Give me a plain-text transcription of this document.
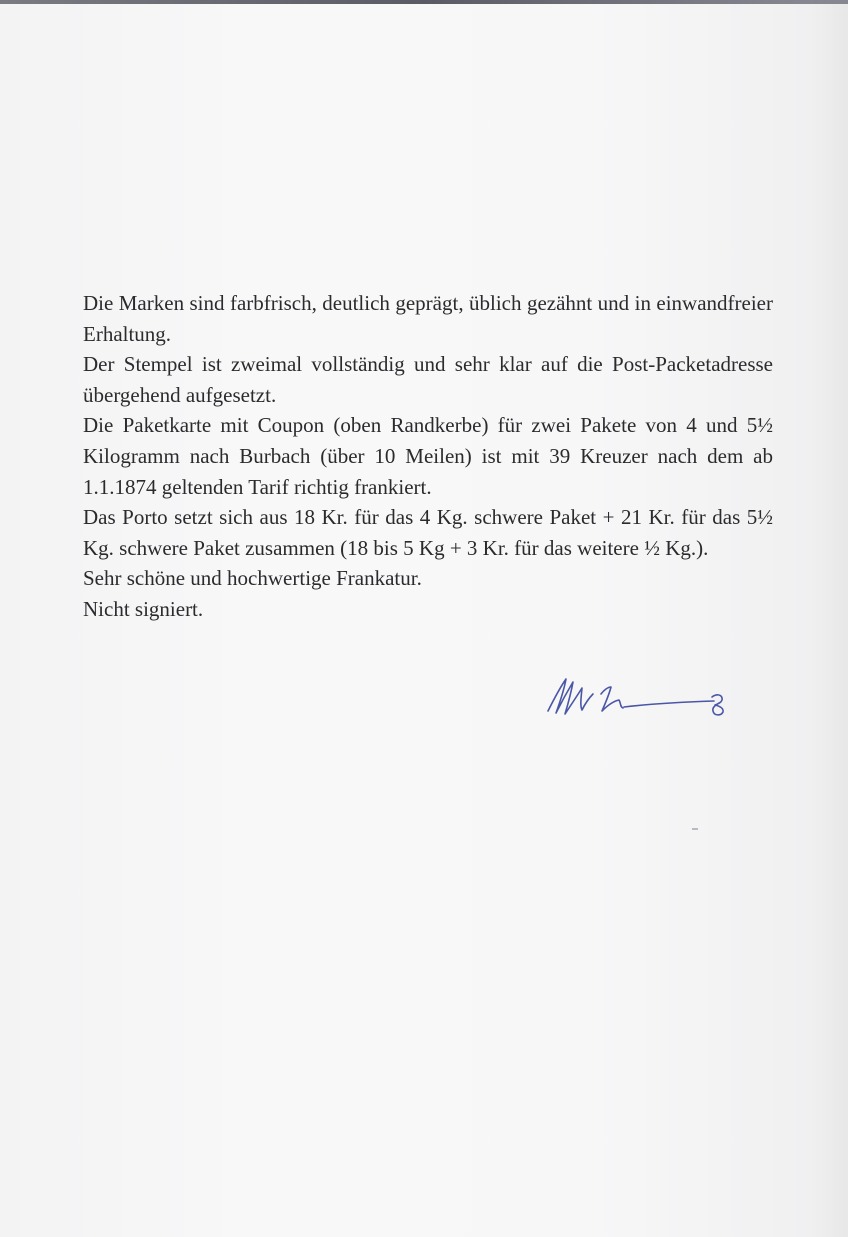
Die Marken sind farbfrisch, deutlich geprägt, üblich gezähnt und in einwandfreier Erhaltung.

Der Stempel ist zweimal vollständig und sehr klar auf die Post-Packetadresse übergehend aufgesetzt.

Die Paketkarte mit Coupon (oben Randkerbe) für zwei Pakete von 4 und 5½ Kilogramm nach Burbach (über 10 Meilen) ist mit 39 Kreuzer nach dem ab 1.1.1874 geltenden Tarif richtig frankiert.

Das Porto setzt sich aus 18 Kr. für das 4 Kg. schwere Paket + 21 Kr. für das 5½ Kg. schwere Paket zusammen (18 bis 5 Kg + 3 Kr. für das weitere ½ Kg.).

Sehr schöne und hochwertige Frankatur.

Nicht signiert.
